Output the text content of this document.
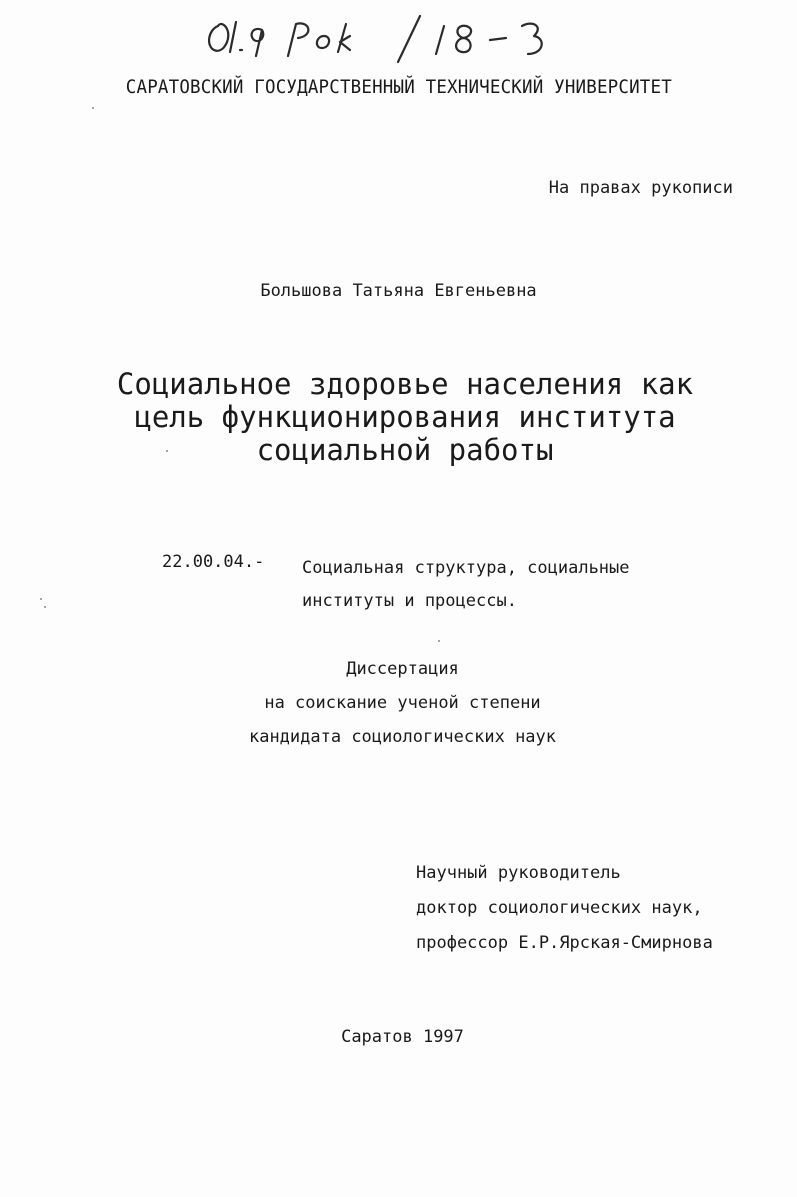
САРАТОВСКИЙ ГОСУДАРСТВЕННЫЙ ТЕХНИЧЕСКИЙ УНИВЕРСИТЕТ
На правах рукописи
Большова Татьяна Евгеньевна
Социальное здоровье населения как
цель функционирования института
социальной работы
22.00.04.- Социальная структура, социальные
институты и процессы.
Диссертация
на соискание ученой степени
кандидата социологических наук
Научный руководитель
доктор социологических наук,
профессор Е.Р.Ярская-Смирнова
Саратов 1997
